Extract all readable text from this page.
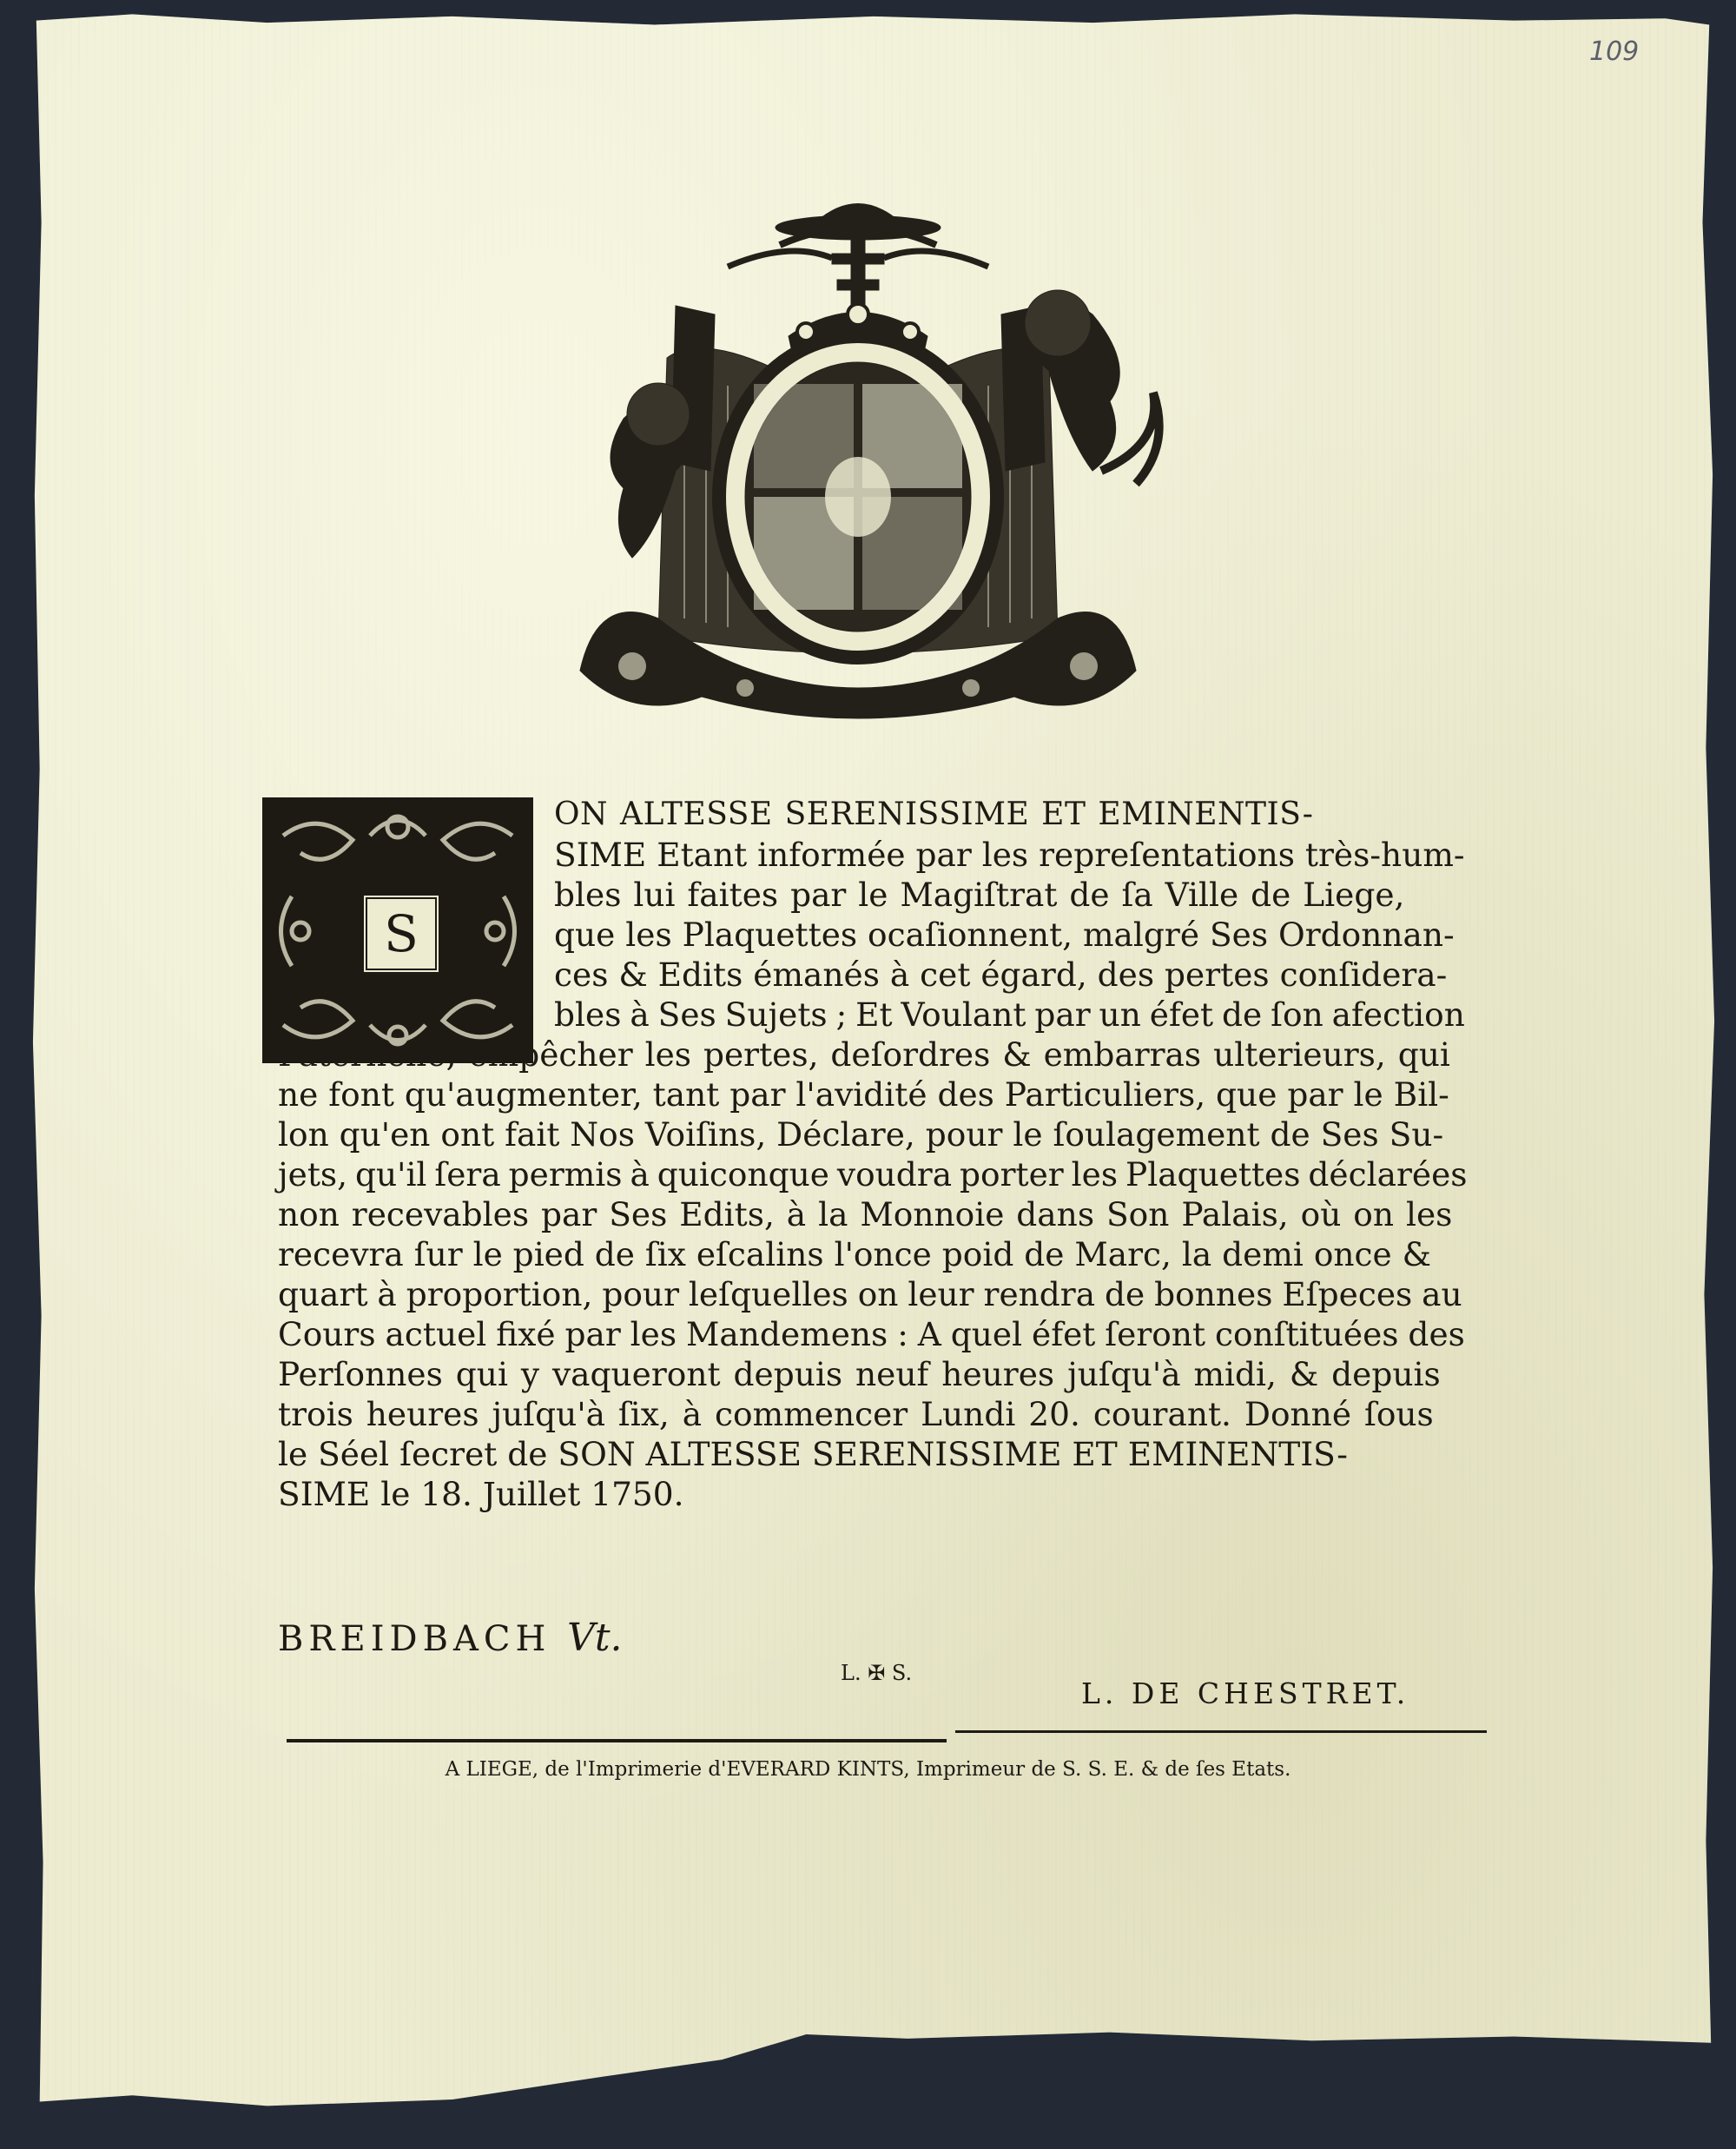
109
S
ON ALTESSE SERENISSIME ET EMINENTIS-
SIME Etant informée par les repreſentations très-hum-
bles lui faites par le Magiſtrat de ſa Ville de Liege,
que les Plaquettes ocaſionnent, malgré Ses Ordonnan-
ces & Edits émanés à cet égard, des pertes conſidera-
bles à Ses Sujets ; Et Voulant par un éfet de ſon afection
Paternelle, empêcher les pertes, deſordres & embarras ulterieurs, qui
ne font qu'augmenter, tant par l'avidité des Particuliers, que par le Bil-
lon qu'en ont fait Nos Voiſins, Déclare, pour le ſoulagement de Ses Su-
jets, qu'il ſera permis à quiconque voudra porter les Plaquettes déclarées
non recevables par Ses Edits, à la Monnoie dans Son Palais, où on les
recevra ſur le pied de ſix eſcalins l'once poid de Marc, la demi once &
quart à proportion, pour leſquelles on leur rendra de bonnes Eſpeces au
Cours actuel fixé par les Mandemens : A quel éfet ſeront conſtituées des
Perſonnes qui y vaqueront depuis neuf heures juſqu'à midi, & depuis
trois heures juſqu'à ſix, à commencer Lundi 20. courant. Donné ſous
le Séel ſecret de SON ALTESSE SERENISSIME ET EMINENTIS-
SIME le 18. Juillet 1750.
BREIDBACH Vt.
L. ✠ S.
L. DE CHESTRET.
A LIEGE, de l'Imprimerie d'EVERARD KINTS, Imprimeur de S. S. E. & de ſes Etats.
